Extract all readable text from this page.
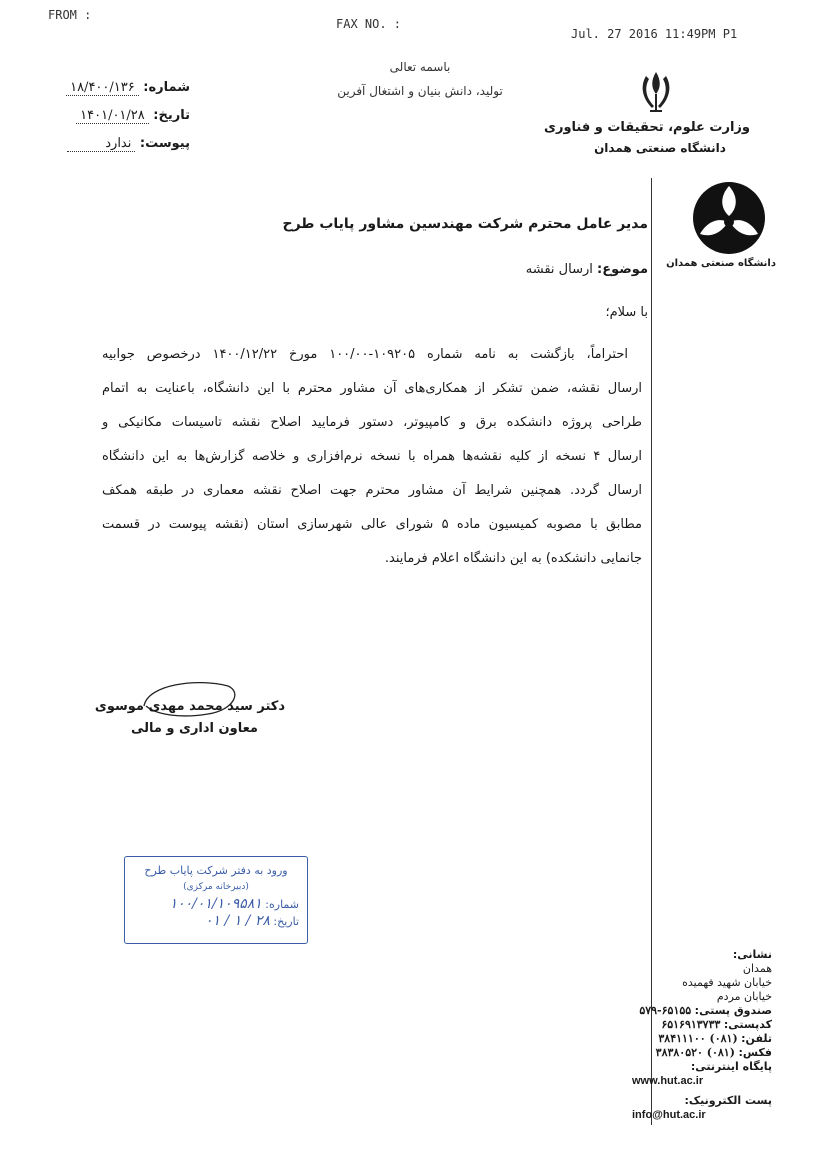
FROM :
FAX NO. :
Jul. 27 2016 11:49PM P1
باسمه تعالی
تولید، دانش بنیان و اشتغال آفرین
وزارت علوم، تحقیقات و فناوری
دانشگاه صنعتی همدان
شماره: ۱۸/۴۰۰/۱۳۶
تاریخ: ۱۴۰۱/۰۱/۲۸
پیوست: ندارد
دانشگاه صنعتی همدان
مدیر عامل محترم شرکت مهندسین مشاور پایاب طرح
موضوع: ارسال نقشه
با سلام؛
احتراماً، بازگشت به نامه شماره ۱۰۹۲۰۵-۱۰۰/۰۰ مورخ ۱۴۰۰/۱۲/۲۲ درخصوص جوابیه
ارسال نقشه، ضمن تشکر از همکاری‌های آن مشاور محترم با این دانشگاه، باعنایت به اتمام
طراحی پروژه دانشکده برق و کامپیوتر، دستور فرمایید اصلاح نقشه تاسیسات مکانیکی و
ارسال ۴ نسخه از کلیه نقشه‌ها همراه با نسخه نرم‌افزاری و خلاصه گزارش‌ها به این دانشگاه
ارسال گردد. همچنین شرایط آن مشاور محترم جهت اصلاح نقشه معماری در طبقه همکف
مطابق با مصوبه کمیسیون ماده ۵ شورای عالی شهرسازی استان (نقشه پیوست در قسمت
جانمایی دانشکده) به این دانشگاه اعلام فرمایند.
دکتر سید محمد مهدی موسوی
معاون اداری و مالی
ورود به دفتر شرکت پایاب طرح
(دبیرخانه مرکزی)
شماره: ۱۰۰/۰۱/۱۰۹۵۸۱
تاریخ: ۲۸ / ۱ / ۰۱
نشانی:
همدان
خیابان شهید فهمیده
خیابان مردم
صندوق پستی: ۶۵۱۵۵-۵۷۹
کدپستی: ۶۵۱۶۹۱۳۷۳۳
تلفن: (۰۸۱) ۳۸۴۱۱۱۰۰
فکس: (۰۸۱) ۳۸۳۸۰۵۲۰
پایگاه اینترنتی:
www.hut.ac.ir
پست الکترونیک:
info@hut.ac.ir
